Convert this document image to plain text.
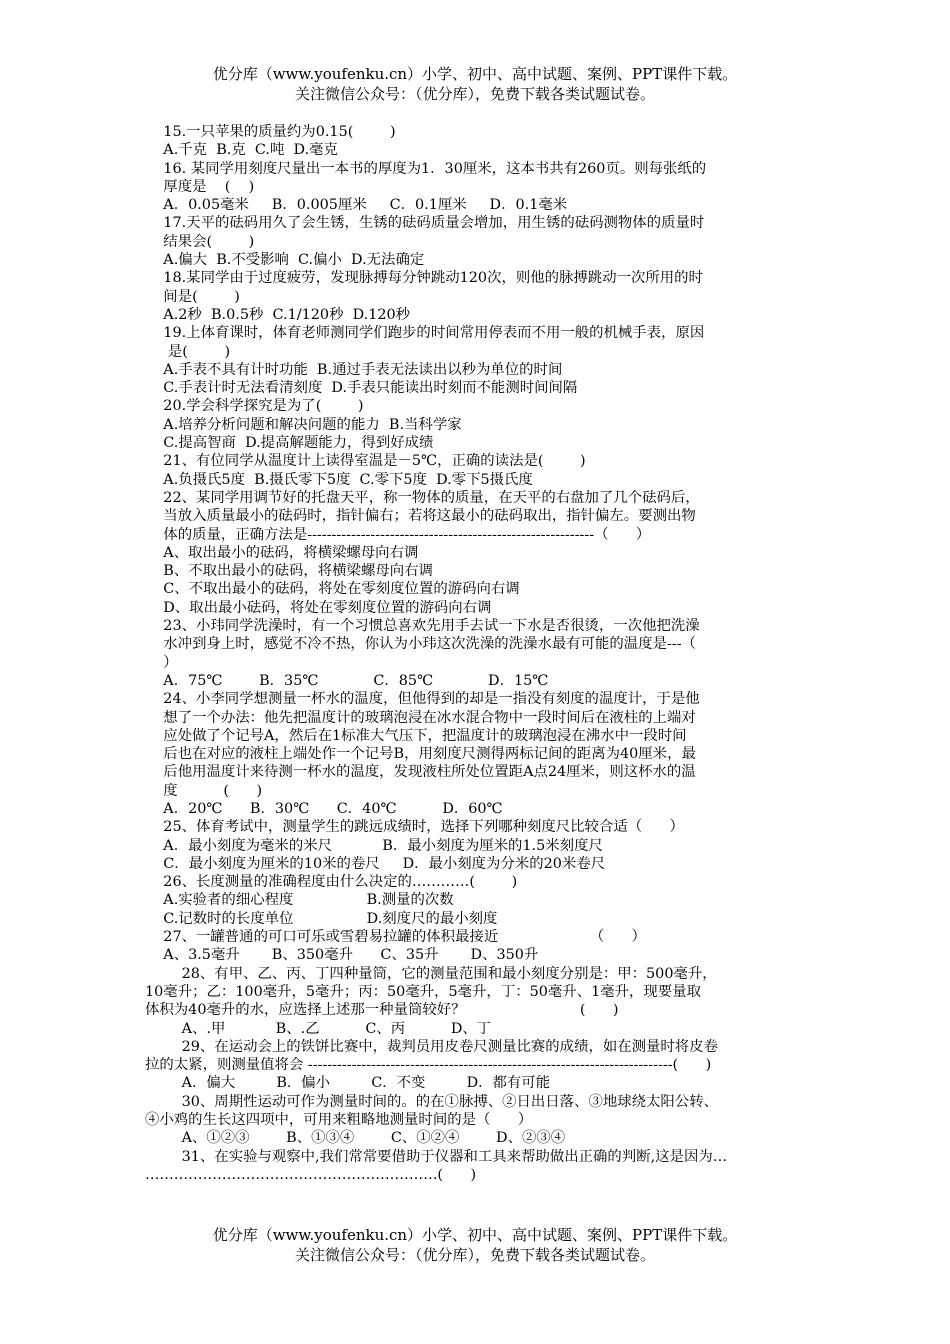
优分库（www.youfenku.cn）小学、初中、高中试题、案例、PPT课件下载。
关注微信公众号：（优分库），免费下载各类试题试卷。
15.一只苹果的质量约为0.15(        )
A.千克  B.克  C.吨  D.毫克
16. 某同学用刻度尺量出一本书的厚度为1．30厘米，这本书共有260页。则每张纸的
厚度是    (    )
A．0.05毫米     B．0.005厘米     C．0.1厘米     D．0.1毫米
17.天平的砝码用久了会生锈，生锈的砝码质量会增加，用生锈的砝码测物体的质量时
结果会(        )
A.偏大  B.不受影响  C.偏小  D.无法确定
18.某同学由于过度疲劳，发现脉搏每分钟跳动120次，则他的脉搏跳动一次所用的时
间是(        )
A.2秒  B.0.5秒  C.1/120秒  D.120秒
19.上体育课时，体育老师测同学们跑步的时间常用停表而不用一般的机械手表，原因
是(        )
A.手表不具有计时功能  B.通过手表无法读出以秒为单位的时间
C.手表计时无法看清刻度  D.手表只能读出时刻而不能测时间间隔
20.学会科学探究是为了(        )
A.培养分析问题和解决问题的能力  B.当科学家
C.提高智商  D.提高解题能力，得到好成绩
21、有位同学从温度计上读得室温是－5℃，正确的读法是(        )
A.负摄氏5度  B.摄氏零下5度  C.零下5度  D.零下5摄氏度
22、某同学用调节好的托盘天平，称一物体的质量，在天平的右盘加了几个砝码后，
当放入质量最小的砝码时，指针偏右；若将这最小的砝码取出，指针偏左。要测出物
体的质量，正确方法是-----------------------------------------------------------（      ）
A、取出最小的砝码，将横梁螺母向右调
B、不取出最小的砝码，将横梁螺母向右调
C、不取出最小的砝码，将处在零刻度位置的游码向右调
D、取出最小砝码，将处在零刻度位置的游码向右调
23、小玮同学洗澡时，有一个习惯总喜欢先用手去试一下水是否很烫，一次他把洗澡
水冲到身上时，感觉不冷不热，你认为小玮这次洗澡的洗澡水最有可能的温度是---（
）
A．75℃        B．35℃            C．85℃            D．15℃
24、小李同学想测量一杯水的温度，但他得到的却是一指没有刻度的温度计，于是他
想了一个办法：他先把温度计的玻璃泡浸在冰水混合物中一段时间后在液柱的上端对
应处做了个记号A，然后在1标准大气压下，把温度计的玻璃泡浸在沸水中一段时间
后也在对应的液柱上端处作一个记号B，用刻度尺测得两标记间的距离为40厘米，最
后他用温度计来待测一杯水的温度，发现液柱所处位置距A点24厘米，则这杯水的温
度          (      )
A．20℃      B．30℃      C．40℃          D．60℃
25、体育考试中，测量学生的跳远成绩时，选择下列哪种刻度尺比较合适（      ）
A．最小刻度为毫米的米尺           B．最小刻度为厘米的1.5米刻度尺
C．最小刻度为厘米的10米的卷尺     D．最小刻度为分米的20米卷尺
26、长度测量的准确程度由什么决定的…………(        )
A.实验者的细心程度                B.测量的次数
C.记数时的长度单位                D.刻度尺的最小刻度
27、一罐普通的可口可乐或雪碧易拉罐的体积最接近                    （      ）
A、3.5毫升       B、350毫升      C、35升       D、350升
28、有甲、乙、丙、丁四种量筒，它的测量范围和最小刻度分别是：甲：500毫升，
10毫升；乙：100毫升，5毫升；丙：50毫升，5毫升，丁：50毫升、1毫升，现要量取
体积为40毫升的水，应选择上述那一种量筒较好？                         (      )
A、.甲           B、.乙          C、丙          D、丁
29、在运动会上的铁饼比赛中，裁判员用皮卷尺测量比赛的成绩，如在测量时将皮卷
拉的太紧，则测量值将会 ---------------------------------------------------------------------------(      )
A．偏大         B．偏小         C．不变         D．都有可能
30、周期性运动可作为测量时间的。的在①脉搏、②日出日落、③地球绕太阳公转、
④小鸡的生长这四项中，可用来粗略地测量时间的是（      ）
A、①②③        B、①③④        C、①②④        D、②③④
31、在实验与观察中,我们常常要借助于仪器和工具来帮助做出正确的判断,这是因为…
…………………………………………………….(      )
优分库（www.youfenku.cn）小学、初中、高中试题、案例、PPT课件下载。
关注微信公众号：（优分库），免费下载各类试题试卷。
